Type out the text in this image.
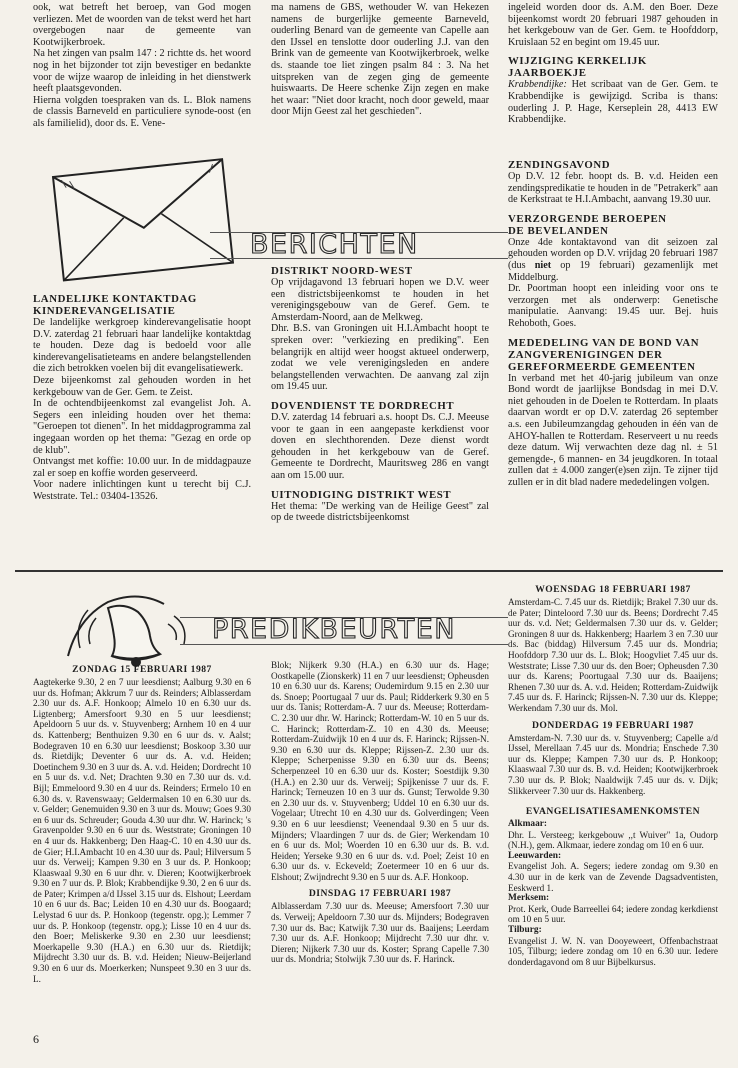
ook, wat betreft het beroep, van God mogen verliezen. Met de woorden van de tekst werd het hart overgebogen naar de gemeente van Kootwijkerbroek.

Na het zingen van psalm 147 : 2 richtte ds. het woord nog in het bijzonder tot zijn bevestiger en bedankte voor de wijze waarop de inleiding in het dienstwerk heeft plaatsgevonden.

Hierna volgden toespraken van ds. L. Blok namens de classis Barneveld en particuliere synode-oost (en als familielid), door ds. E. Vene-

ma namens de GBS, wethouder W. van Hekezen namens de burgerlijke gemeente Barneveld, ouderling Benard van de gemeente van Capelle aan den IJssel en tenslotte door ouderling J.J. van den Brink van de gemeente van Kootwijkerbroek, welke ds. staande toe liet zingen psalm 84 : 3. Na het uitspreken van de zegen ging de gemeente huiswaarts. De Heere schenke Zijn zegen en make het waar: "Niet door kracht, noch door geweld, maar door Mijn Geest zal het geschieden".

ingeleid worden door ds. A.M. den Boer. Deze bijeenkomst wordt 20 februari 1987 gehouden in het kerkgebouw van de Ger. Gem. te Hoofddorp, Kruislaan 52 en begint om 19.45 uur.

WIJZIGING KERKELIJK JAARBOEKJE

Krabbendijke: Het scribaat van de Ger. Gem. te Krabbendijke is gewijzigd. Scriba is thans: ouderling J. P. Hage, Kerseplein 28, 4413 EW Krabbendijke.

BERICHTEN
LANDELIJKE KONTAKTDAG
KINDEREVANGELISATIE

De landelijke werkgroep kinderevangelisatie hoopt D.V. zaterdag 21 februari haar landelijke kontaktdag te houden. Deze dag is bedoeld voor alle kinderevangelisatieteams en andere belangstellenden die zich betrokken voelen bij dit evangelisatiewerk.

Deze bijeenkomst zal gehouden worden in het kerkgebouw van de Ger. Gem. te Zeist.

In de ochtendbijeenkomst zal evangelist Joh. A. Segers een inleiding houden over het thema: "Geroepen tot dienen". In het middagprogramma zal ingegaan worden op het thema: "Gezag en orde op de klub".

Ontvangst met koffie: 10.00 uur. In de middagpauze zal er soep en koffie worden geserveerd.

Voor nadere inlichtingen kunt u terecht bij C.J. Weststrate. Tel.: 03404-13526.

DISTRIKT NOORD-WEST

Op vrijdagavond 13 februari hopen we D.V. weer een districtsbijeenkomst te houden in het verenigingsgebouw van de Geref. Gem. te Amsterdam-Noord, aan de Melkweg.

Dhr. B.S. van Groningen uit H.I.Ambacht hoopt te spreken over: "verkiezing en prediking". Een belangrijk en altijd weer hoogst aktueel onderwerp, zodat we vele verenigingsleden en andere belangstellenden verwachten. De aanvang zal zijn om 19.45 uur.

DOVENDIENST TE DORDRECHT

D.V. zaterdag 14 februari a.s. hoopt Ds. C.J. Meeuse voor te gaan in een aangepaste kerkdienst voor doven en slechthorenden. Deze dienst wordt gehouden in het kerkgebouw van de Geref. Gemeente te Dordrecht, Mauritsweg 286 en vangt aan om 15.00 uur.

UITNODIGING DISTRIKT WEST

Het thema: "De werking van de Heilige Geest" zal op de tweede districtsbijeenkomst

ZENDINGSAVOND

Op D.V. 12 febr. hoopt ds. B. v.d. Heiden een zendingspredikatie te houden in de "Petrakerk" aan de Kerkstraat te H.I.Ambacht, aanvang 19.30 uur.

VERZORGENDE BEROEPEN
DE BEVELANDEN

Onze 4de kontaktavond van dit seizoen zal gehouden worden op D.V. vrijdag 20 februari 1987 (dus niet op 19 februari) gezamenlijk met Middelburg.

Dr. Poortman hoopt een inleiding voor ons te verzorgen met als onderwerp: Genetische manipulatie. Aanvang: 19.45 uur. Bej. huis Rehoboth, Goes.

MEDEDELING VAN DE BOND VAN
ZANGVERENIGINGEN DER
GEREFORMEERDE GEMEENTEN

In verband met het 40-jarig jubileum van onze Bond wordt de jaarlijkse Bondsdag in mei D.V. niet gehouden in de Doelen te Rotterdam. In plaats daarvan wordt er op D.V. zaterdag 26 september a.s. een Jubileumzangdag gehouden in één van de AHOY-hallen te Rotterdam. Reserveert u nu reeds deze datum. Wij verwachten deze dag nl. ± 51 gemengde-, 6 mannen- en 34 jeugdkoren. In totaal zullen dat ± 4.000 zanger(e)sen zijn. Te zijner tijd zullen er in dit blad nadere mededelingen volgen.

PREDIKBEURTEN
ZONDAG 15 FEBRUARI 1987

Aagtekerke 9.30, 2 en 7 uur leesdienst; Aalburg 9.30 en 6 uur ds. Hofman; Akkrum 7 uur ds. Reinders; Alblasserdam 2.30 uur ds. A.F. Honkoop; Almelo 10 en 6.30 uur ds. Ligtenberg; Amersfoort 9.30 en 5 uur leesdienst; Apeldoorn 5 uur ds. v. Stuyvenberg; Arnhem 10 en 4 uur ds. Kattenberg; Benthuizen 9.30 en 6 uur ds. v. Aalst; Bodegraven 10 en 6.30 uur leesdienst; Boskoop 3.30 uur ds. Rietdijk; Deventer 6 uur ds. A. v.d. Heiden; Doetinchem 9.30 en 3 uur ds. A. v.d. Heiden; Dordrecht 10 en 5 uur ds. v.d. Net; Drachten 9.30 en 7.30 uur ds. v.d. Bijl; Emmeloord 9.30 en 4 uur ds. Reinders; Ermelo 10 en 6.30 ds. v. Ravenswaay; Geldermalsen 10 en 6.30 uur ds. v. Gelder; Genemuiden 9.30 en 3 uur ds. Mouw; Goes 9.30 en 6 uur ds. Schreuder; Gouda 4.30 uur dhr. W. Harinck; 's Gravenpolder 9.30 en 6 uur ds. Weststrate; Groningen 10 en 4 uur ds. Hakkenberg; Den Haag-C. 10 en 4.30 uur ds. de Gier; H.I.Ambacht 10 en 4.30 uur ds. Paul; Hilversum 5 uur ds. Verweij; Kampen 9.30 en 3 uur ds. P. Honkoop; Klaaswaal 9.30 en 6 uur dhr. v. Dieren; Kootwijkerbroek 9.30 en 7 uur ds. P. Blok; Krabbendijke 9.30, 2 en 6 uur ds. de Pater; Krimpen a/d IJssel 3.15 uur ds. Elshout; Leerdam 10 en 6 uur ds. Bac; Leiden 10 en 4.30 uur ds. Boogaard; Lelystad 6 uur ds. P. Honkoop (tegenstr. opg.); Lemmer 7 uur ds. P. Honkoop (tegenstr. opg.); Lisse 10 en 4 uur ds. den Boer; Meliskerke 9.30 en 2.30 uur leesdienst; Moerkapelle 9.30 (H.A.) en 6.30 uur ds. Rietdijk; Mijdrecht 3.30 uur ds. B. v.d. Heiden; Nieuw-Beijerland 9.30 en 6 uur ds. Moerkerken; Nunspeet 9.30 en 3 uur ds. L.

Blok; Nijkerk 9.30 (H.A.) en 6.30 uur ds. Hage; Oostkapelle (Zionskerk) 11 en 7 uur leesdienst; Opheusden 10 en 6.30 uur ds. Karens; Oudemirdum 9.15 en 2.30 uur ds. Snoep; Poortugaal 7 uur ds. Paul; Ridderkerk 9.30 en 5 uur ds. Tanis; Rotterdam-A. 7 uur ds. Meeuse; Rotterdam-C. 2.30 uur dhr. W. Harinck; Rotterdam-W. 10 en 5 uur ds. C. Harinck; Rotterdam-Z. 10 en 4.30 ds. Meeuse; Rotterdam-Zuidwijk 10 en 4 uur ds. F. Harinck; Rijssen-N. 9.30 en 6.30 uur ds. Kleppe; Rijssen-Z. 2.30 uur ds. Kleppe; Scherpenisse 9.30 en 6.30 uur ds. Beens; Scherpenzeel 10 en 6.30 uur ds. Koster; Soestdijk 9.30 (H.A.) en 2.30 uur ds. Verweij; Spijkenisse 7 uur ds. F. Harinck; Terneuzen 10 en 3 uur ds. Gunst; Terwolde 9.30 en 2.30 uur ds. v. Stuyvenberg; Uddel 10 en 6.30 uur ds. Vogelaar; Utrecht 10 en 4.30 uur ds. Golverdingen; Veen 9.30 en 6 uur leesdienst; Veenendaal 9.30 en 5 uur ds. Mijnders; Vlaardingen 7 uur ds. de Gier; Werkendam 10 en 6 uur ds. Mol; Woerden 10 en 6.30 uur ds. B. v.d. Heiden; Yerseke 9.30 en 6 uur ds. v.d. Poel; Zeist 10 en 6.30 uur ds. v. Eckeveld; Zoetermeer 10 en 6 uur ds. Elshout; Zwijndrecht 9.30 en 5 uur ds. A.F. Honkoop.

DINSDAG 17 FEBRUARI 1987

Alblasserdam 7.30 uur ds. Meeuse; Amersfoort 7.30 uur ds. Verweij; Apeldoorn 7.30 uur ds. Mijnders; Bodegraven 7.30 uur ds. Bac; Katwijk 7.30 uur ds. Baaijens; Leerdam 7.30 uur ds. A.F. Honkoop; Mijdrecht 7.30 uur dhr. v. Dieren; Nijkerk 7.30 uur ds. Koster; Sprang Capelle 7.30 uur ds. Mondria; Stolwijk 7.30 uur ds. F. Harinck.

WOENSDAG 18 FEBRUARI 1987

Amsterdam-C. 7.45 uur ds. Rietdijk; Brakel 7.30 uur ds. de Pater; Dinteloord 7.30 uur ds. Beens; Dordrecht 7.45 uur ds. v.d. Net; Geldermalsen 7.30 uur ds. v. Gelder; Groningen 8 uur ds. Hakkenberg; Haarlem 3 en 7.30 uur ds. Bac (biddag) Hilversum 7.45 uur ds. Mondria; Hoofddorp 7.30 uur ds. L. Blok; Hoogvliet 7.45 uur ds. Weststrate; Lisse 7.30 uur ds. den Boer; Opheusden 7.30 uur ds. Karens; Poortugaal 7.30 uur ds. Baaijens; Rhenen 7.30 uur ds. A. v.d. Heiden; Rotterdam-Zuidwijk 7.45 uur ds. F. Harinck; Rijssen-N. 7.30 uur ds. Kleppe; Werkendam 7.30 uur ds. Mol.

DONDERDAG 19 FEBRUARI 1987

Amsterdam-N. 7.30 uur ds. v. Stuyvenberg; Capelle a/d IJssel, Merellaan 7.45 uur ds. Mondria; Enschede 7.30 uur ds. Kleppe; Kampen 7.30 uur ds. P. Honkoop; Klaaswaal 7.30 uur ds. B. v.d. Heiden; Kootwijkerbroek 7.30 uur ds. P. Blok; Naaldwijk 7.45 uur ds. v. Dijk; Slikkerveer 7.30 uur ds. Hakkenberg.

EVANGELISATIESAMENKOMSTEN
Alkmaar:

Dhr. L. Versteeg; kerkgebouw ,,t Wuiver" 1a, Oudorp (N.H.), gem. Alkmaar, iedere zondag om 10 en 6 uur.

Leeuwarden:

Evangelist Joh. A. Segers; iedere zondag om 9.30 en 4.30 uur in de kerk van de Zevende Dagsadventisten, Eeskwerd 1.

Merksem:

Prot. Kerk, Oude Barreellei 64; iedere zondag kerkdienst om 10 en 5 uur.

Tilburg:

Evangelist J. W. N. van Dooyeweert, Offenbachstraat 105, Tilburg; iedere zondag om 10 en 6.30 uur. Iedere donderdagavond om 8 uur Bijbelkursus.

6
